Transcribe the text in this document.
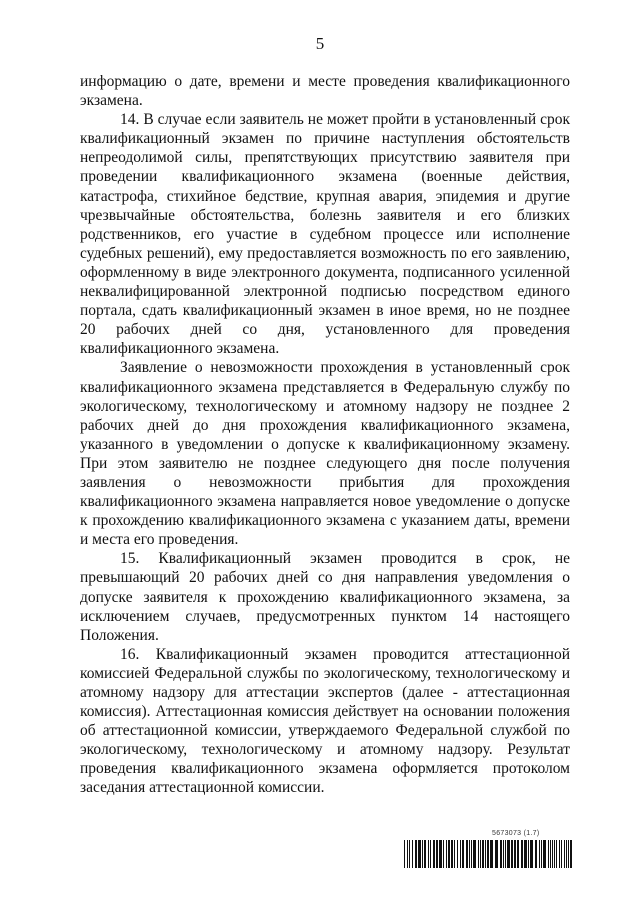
5

информацию о дате, времени и месте проведения квалификационного экзамена.

14. В случае если заявитель не может пройти в установленный срок квалификационный экзамен по причине наступления обстоятельств непреодолимой силы, препятствующих присутствию заявителя при проведении квалификационного экзамена (военные действия, катастрофа, стихийное бедствие, крупная авария, эпидемия и другие чрезвычайные обстоятельства, болезнь заявителя и его близких родственников, его участие в судебном процессе или исполнение судебных решений), ему предоставляется возможность по его заявлению, оформленному в виде электронного документа, подписанного усиленной неквалифицированной электронной подписью посредством единого портала, сдать квалификационный экзамен в иное время, но не позднее 20 рабочих дней со дня, установленного для проведения квалификационного экзамена.

Заявление о невозможности прохождения в установленный срок квалификационного экзамена представляется в Федеральную службу по экологическому, технологическому и атомному надзору не позднее 2 рабочих дней до дня прохождения квалификационного экзамена, указанного в уведомлении о допуске к квалификационному экзамену. При этом заявителю не позднее следующего дня после получения заявления о невозможности прибытия для прохождения квалификационного экзамена направляется новое уведомление о допуске к прохождению квалификационного экзамена с указанием даты, времени и места его проведения.

15. Квалификационный экзамен проводится в срок, не превышающий 20 рабочих дней со дня направления уведомления о допуске заявителя к прохождению квалификационного экзамена, за исключением случаев, предусмотренных пунктом 14 настоящего Положения.

16. Квалификационный экзамен проводится аттестационной комиссией Федеральной службы по экологическому, технологическому и атомному надзору для аттестации экспертов (далее - аттестационная комиссия). Аттестационная комиссия действует на основании положения об аттестационной комиссии, утверждаемого Федеральной службой по экологическому, технологическому и атомному надзору. Результат проведения квалификационного экзамена оформляется протоколом заседания аттестационной комиссии.

5673073 (1.7)
